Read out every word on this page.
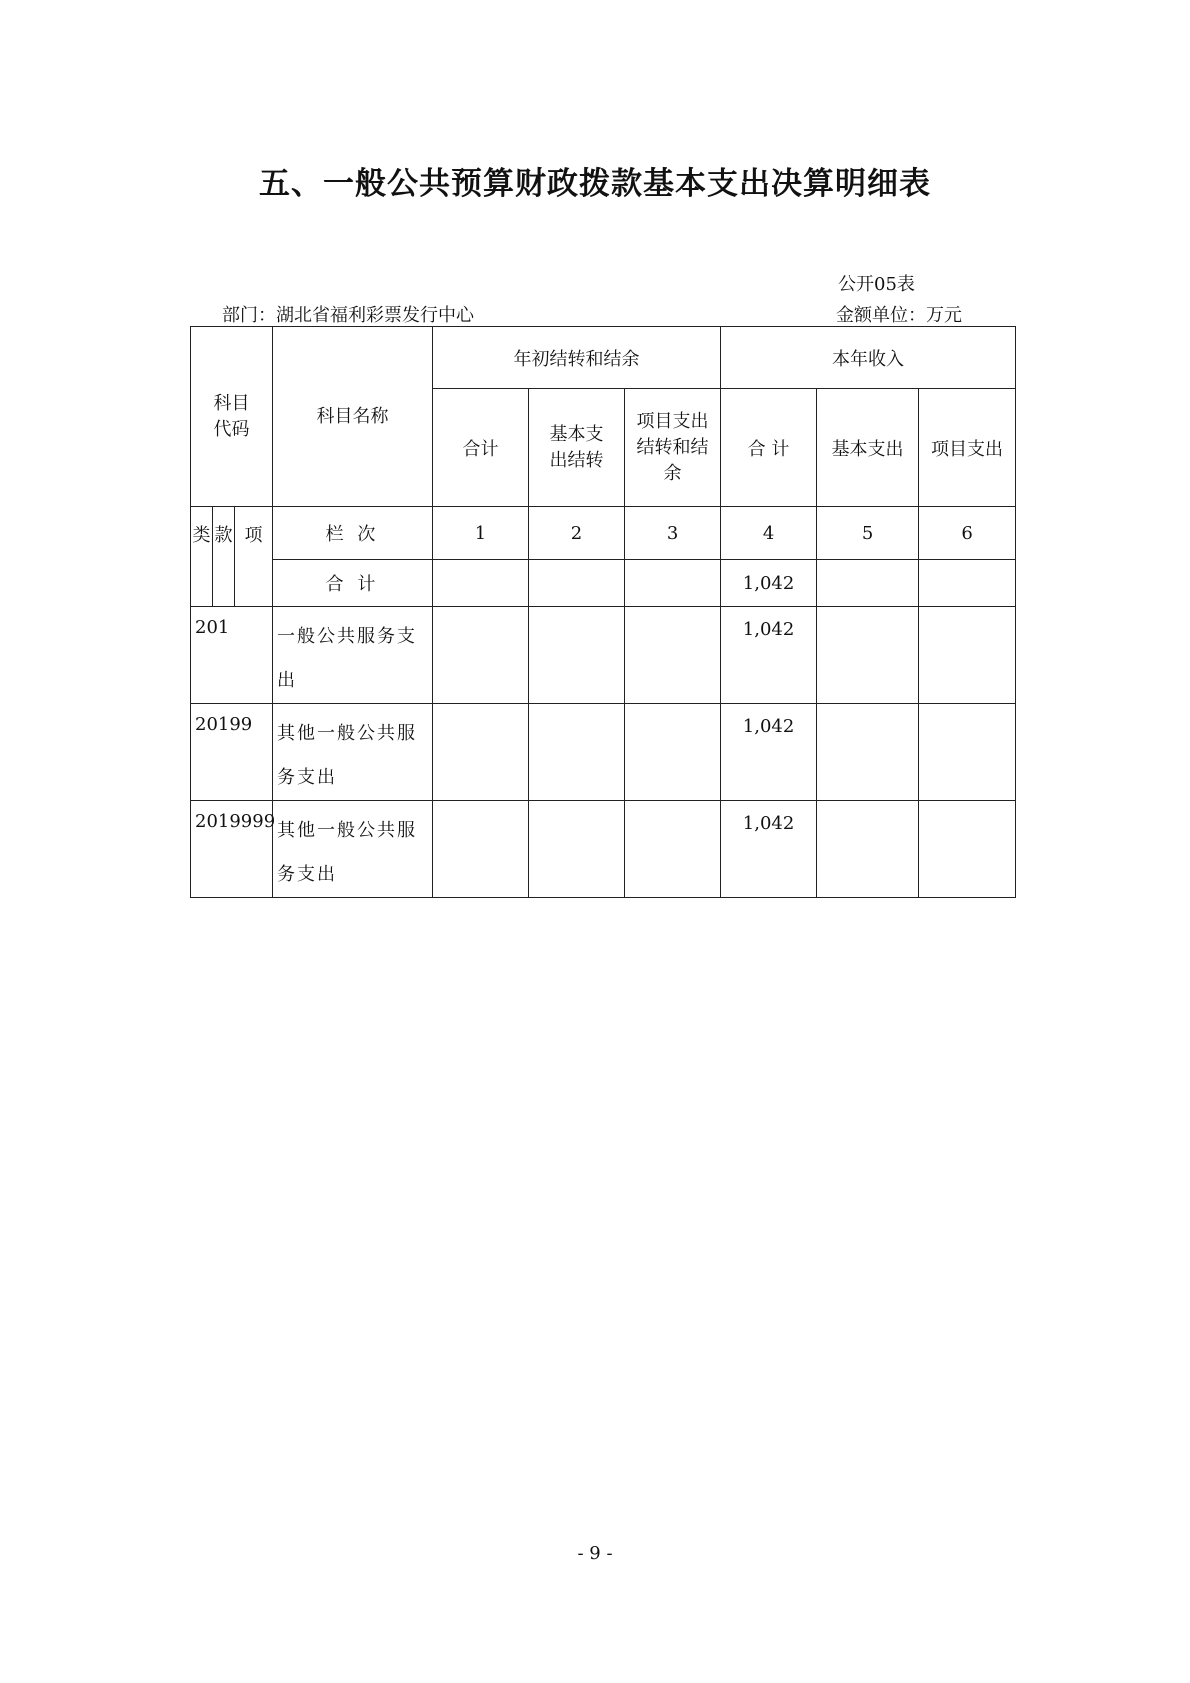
五、一般公共预算财政拨款基本支出决算明细表
公开05表
部门：湖北省福利彩票发行中心	金额单位：万元
科目代码			科目名称	年初结转和结余			本年收入		
				合计	基本支出结转	项目支出结转和结余	合 计	基本支出	项目支出
类	款	项	栏 次	1	2	3	4	5	6
			合 计				1,042		
201			一般公共服务支出				1,042		
20199			其他一般公共服务支出				1,042		
2019999			其他一般公共服务支出				1,042		
- 9 -
